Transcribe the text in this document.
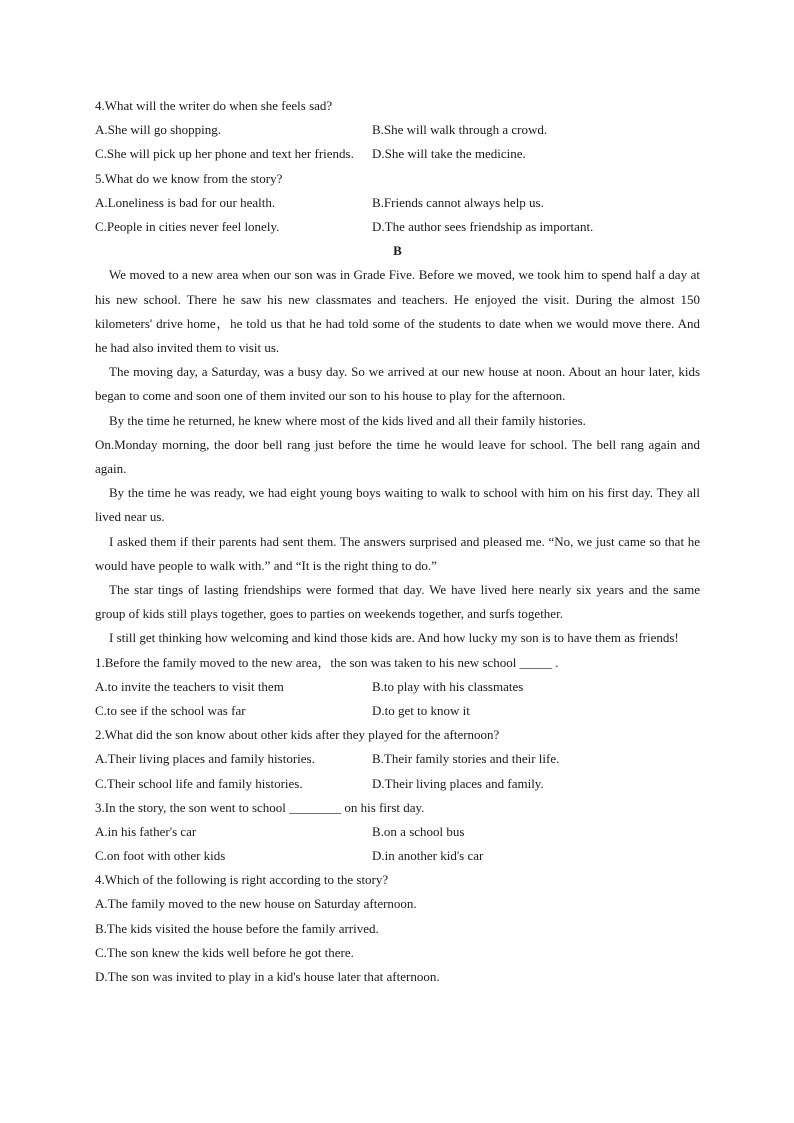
4.What will the writer do when she feels sad?
A.She will go shopping.	B.She will walk through a crowd.
C.She will pick up her phone and text her friends.	D.She will take the medicine.
5.What do we know from the story?
A.Loneliness is bad for our health.	B.Friends cannot always help us.
C.People in cities never feel lonely.	D.The author sees friendship as important.
B

We moved to a new area when our son was in Grade Five. Before we moved, we took him to spend half a day at his new school. There he saw his new classmates and teachers. He enjoyed the visit. During the almost 150 kilometers' drive home，he told us that he had told some of the students to date when we would move there. And he had also invited them to visit us.

The moving day, a Saturday, was a busy day. So we arrived at our new house at noon. About an hour later, kids began to come and soon one of them invited our son to his house to play for the afternoon.

By the time he returned, he knew where most of the kids lived and all their family histories.

On.Monday morning, the door bell rang just before the time he would leave for school. The bell rang again and again.

By the time he was ready, we had eight young boys waiting to walk to school with him on his first day. They all lived near us.

I asked them if their parents had sent them. The answers surprised and pleased me. “No, we just came so that he would have people to walk with.” and “It is the right thing to do.”

The star tings of lasting friendships were formed that day. We have lived here nearly six years and the same group of kids still plays together, goes to parties on weekends together, and surfs together.

I still get thinking how welcoming and kind those kids are. And how lucky my son is to have them as friends!

1.Before the family moved to the new area，the son was taken to his new school _____ .
A.to invite the teachers to visit them	B.to play with his classmates
C.to see if the school was far	D.to get to know it
2.What did the son know about other kids after they played for the afternoon?
A.Their living places and family histories.	B.Their family stories and their life.
C.Their school life and family histories.	D.Their living places and family.
3.In the story, the son went to school ________ on his first day.
A.in his father's car	B.on a school bus
C.on foot with other kids	D.in another kid's car
4.Which of the following is right according to the story?
A.The family moved to the new house on Saturday afternoon.
B.The kids visited the house before the family arrived.
C.The son knew the kids well before he got there.
D.The son was invited to play in a kid's house later that afternoon.
